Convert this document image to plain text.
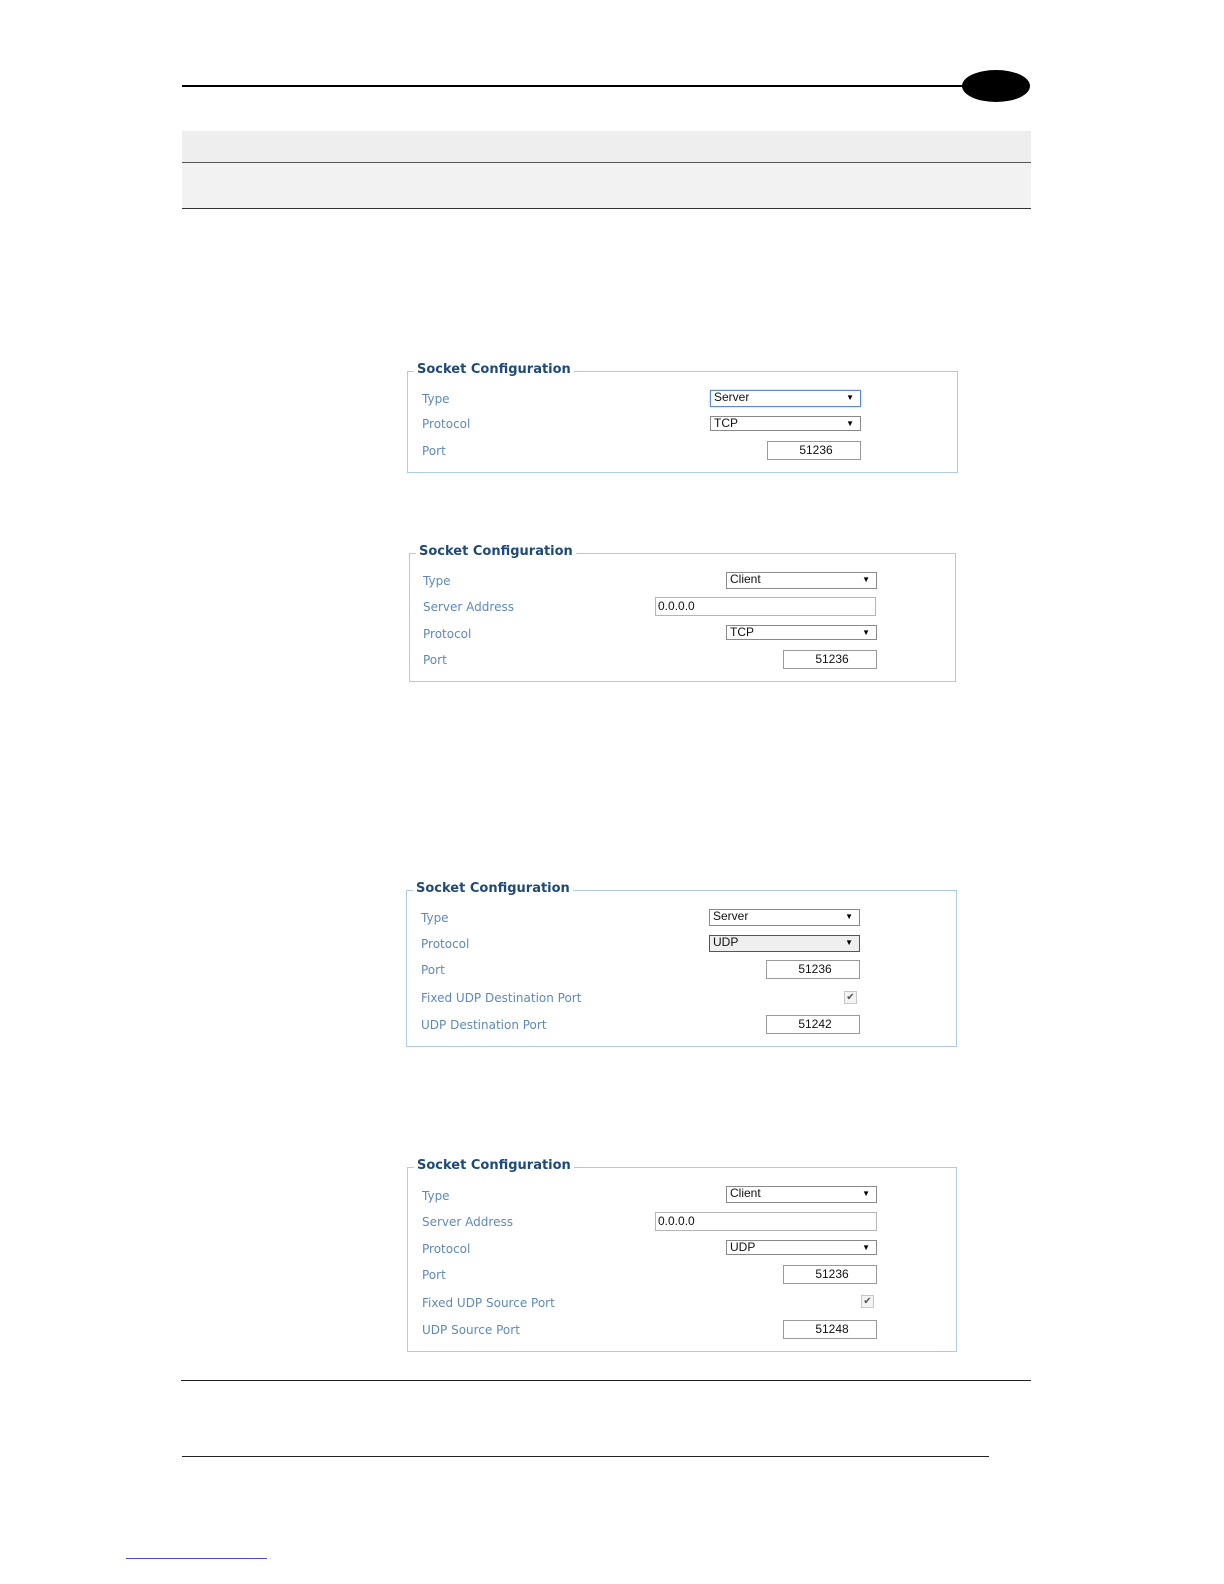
Socket Configuration
Type	Server	▼
Protocol	TCP	▼
Port	51236
Socket Configuration
Type	Client	▼
Server Address	0.0.0.0
Protocol	TCP	▼
Port	51236
Socket Configuration
Type	Server	▼
Protocol	UDP	▼
Port	51236
Fixed UDP Destination Port	✔
UDP Destination Port	51242
Socket Configuration
Type	Client	▼
Server Address	0.0.0.0
Protocol	UDP	▼
Port	51236
Fixed UDP Source Port	✔
UDP Source Port	51248
